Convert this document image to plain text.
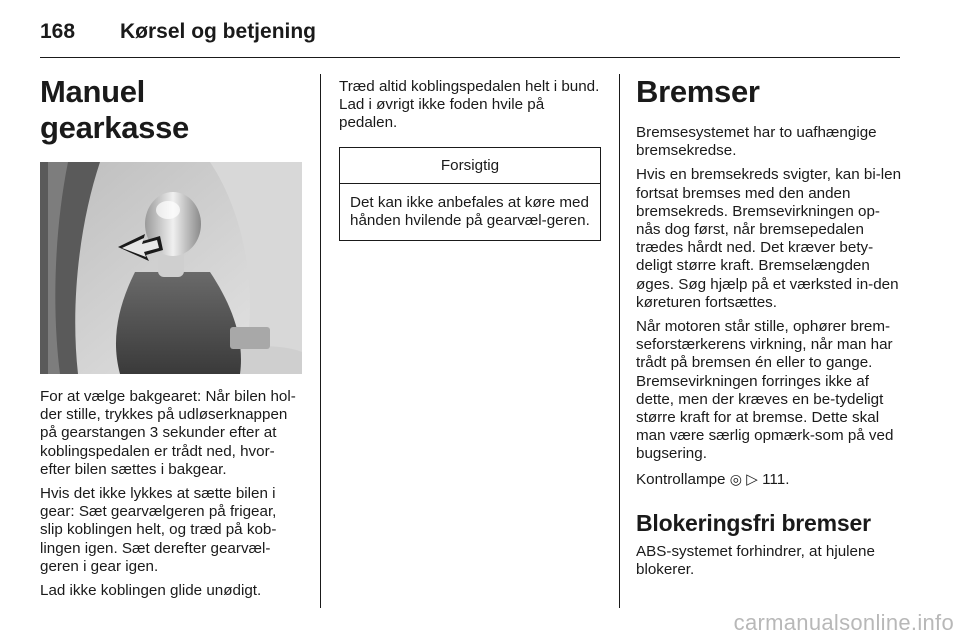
168 Kørsel og betjening
Manuel gearkasse

For at vælge bakgearet: Når bilen hol-der stille, trykkes på udløserknappen på gearstangen 3 sekunder efter at koblingspedalen er trådt ned, hvor-efter bilen sættes i bakgear.

Hvis det ikke lykkes at sætte bilen i gear: Sæt gearvælgeren på frigear, slip koblingen helt, og træd på kob-lingen igen. Sæt derefter gearvæl-geren i gear igen.

Lad ikke koblingen glide unødigt.

Træd altid koblingspedalen helt i bund. Lad i øvrigt ikke foden hvile på pedalen.

Forsigtig
Det kan ikke anbefales at køre med hånden hvilende på gearvæl-geren.
Bremser

Bremsesystemet har to uafhængige bremsekredse.

Hvis en bremsekreds svigter, kan bi-len fortsat bremses med den anden bremsekreds. Bremsevirkningen op-nås dog først, når bremsepedalen trædes hårdt ned. Det kræver bety-deligt større kraft. Bremselængden øges. Søg hjælp på et værksted in-den køreturen fortsættes.

Når motoren står stille, ophører brem-seforstærkerens virkning, når man har trådt på bremsen én eller to gange. Bremsevirkningen forringes ikke af dette, men der kræves en be-tydeligt større kraft for at bremse. Dette skal man være særlig opmærk-som på ved bugsering.

Kontrollampe ◎ ▷ 111.

Blokeringsfri bremser

ABS-systemet forhindrer, at hjulene blokerer.

carmanualsonline.info
